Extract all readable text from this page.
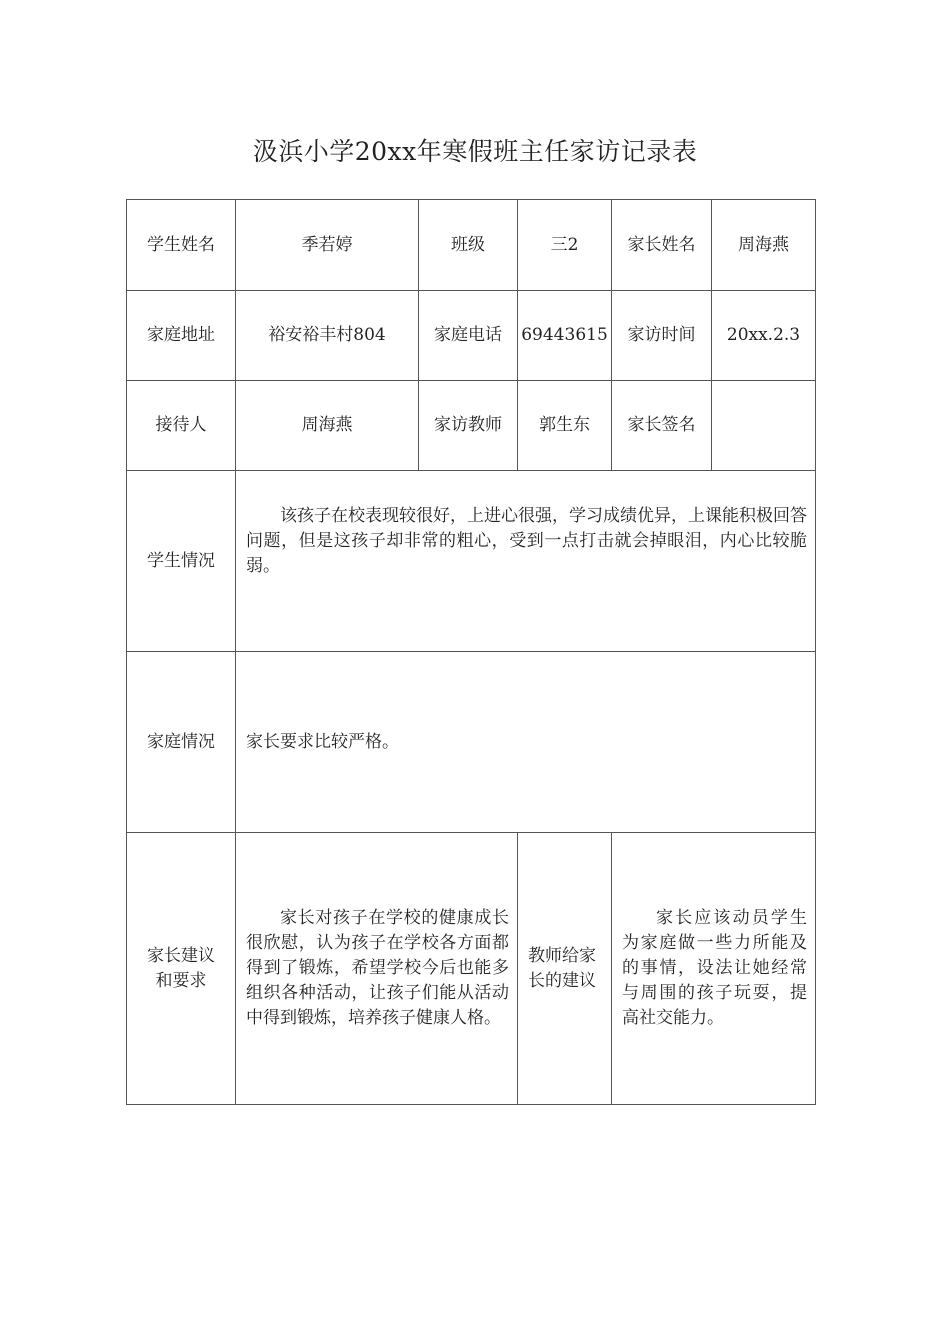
汲浜小学20xx年寒假班主任家访记录表
学生姓名	季若婷	班级	三2	家长姓名	周海燕
家庭地址	裕安裕丰村804	家庭电话	69443615	家访时间	20xx.2.3
接待人	周海燕	家访教师	郭生东	家长签名	
学生情况	该孩子在校表现较很好，上进心很强，学习成绩优异，上课能积极回答问题，但是这孩子却非常的粗心，受到一点打击就会掉眼泪，内心比较脆弱。				

家庭情况	家长要求比较严格。				

家长建议和要求	家长对孩子在学校的健康成长很欣慰，认为孩子在学校各方面都得到了锻炼，希望学校今后也能多组织各种活动，让孩子们能从活动中得到锻炼，培养孩子健康人格。		教师给家长的建议	家长应该动员学生为家庭做一些力所能及的事情，设法让她经常与周围的孩子玩耍，提高社交能力。	
